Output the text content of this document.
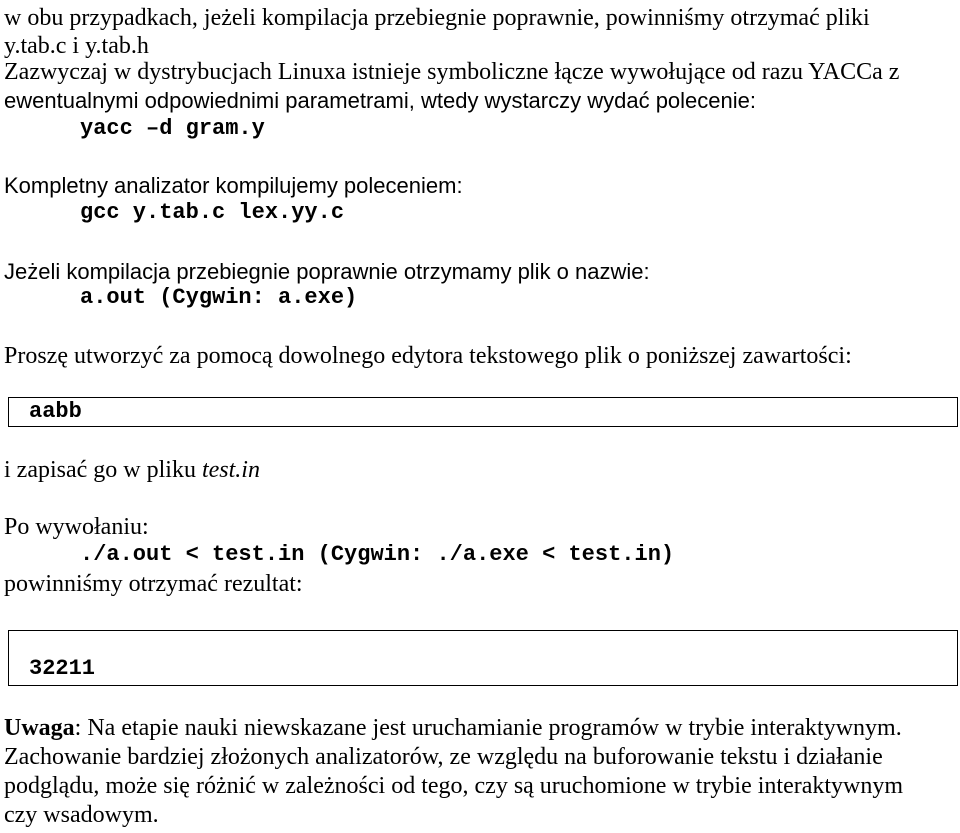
w obu przypadkach, jeżeli kompilacja przebiegnie poprawnie, powinniśmy otrzymać pliki
y.tab.c i y.tab.h
Zazwyczaj w dystrybucjach Linuxa istnieje symboliczne łącze wywołujące od razu YACCa z
ewentualnymi odpowiednimi parametrami, wtedy wystarczy wydać polecenie:
yacc –d gram.y
Kompletny analizator kompilujemy poleceniem:
gcc y.tab.c lex.yy.c
Jeżeli kompilacja przebiegnie poprawnie otrzymamy plik o nazwie:
a.out (Cygwin: a.exe)
Proszę utworzyć za pomocą dowolnego edytora tekstowego plik o poniższej zawartości:
aabb
i zapisać go w pliku test.in
Po wywołaniu:
./a.out < test.in (Cygwin: ./a.exe < test.in)
powinniśmy otrzymać rezultat:
32211
Uwaga: Na etapie nauki niewskazane jest uruchamianie programów w trybie interaktywnym.
Zachowanie bardziej złożonych analizatorów, ze względu na buforowanie tekstu i działanie
podglądu, może się różnić w zależności od tego, czy są uruchomione w trybie interaktywnym
czy wsadowym.
